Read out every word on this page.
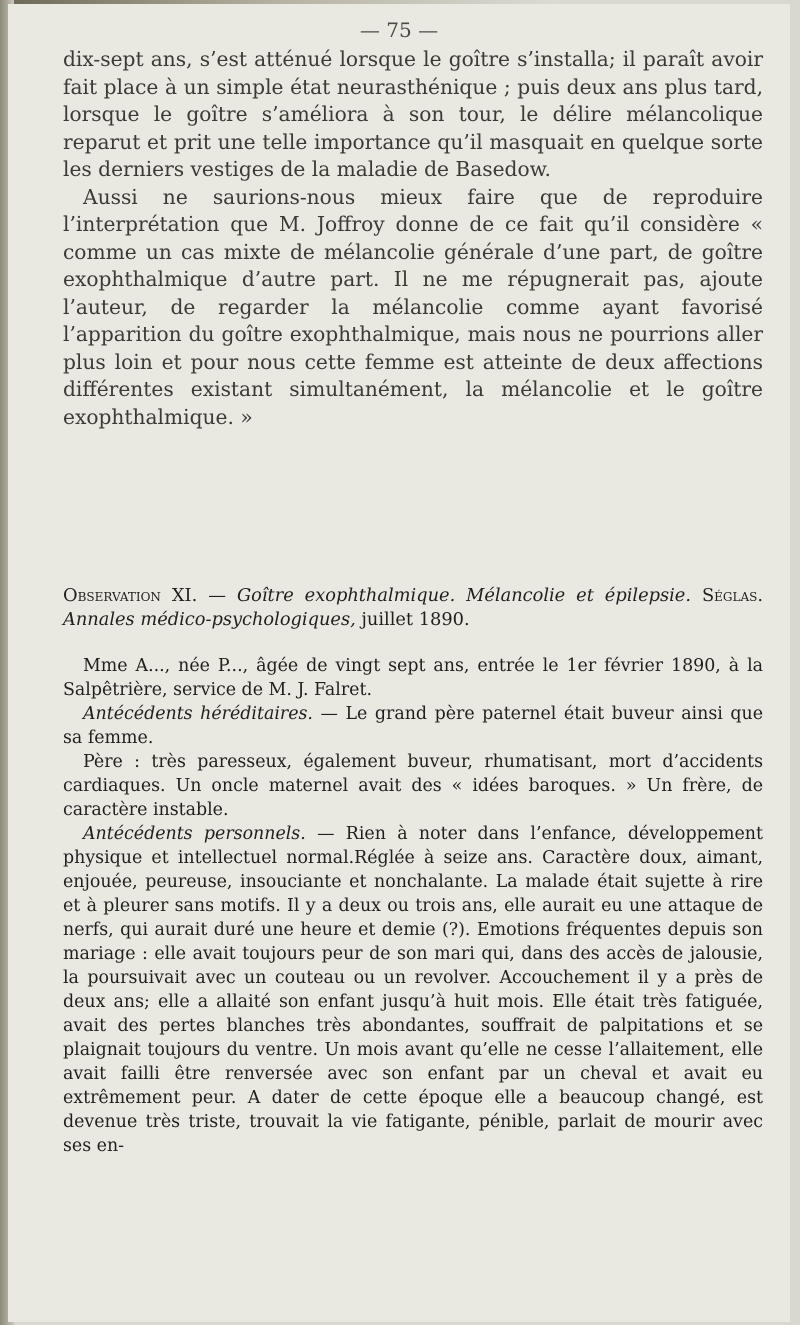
— 75 —

dix-sept ans, s’est atténué lorsque le goître s’installa; il paraît avoir fait place à un simple état neurasthénique ; puis deux ans plus tard, lorsque le goître s’améliora à son tour, le délire mélancolique reparut et prit une telle importance qu’il masquait en quelque sorte les derniers vestiges de la maladie de Basedow.

Aussi ne saurions-nous mieux faire que de reproduire l’interprétation que M. Joffroy donne de ce fait qu’il considère « comme un cas mixte de mélancolie générale d’une part, de goître exophthalmique d’autre part. Il ne me répugnerait pas, ajoute l’auteur, de regarder la mélancolie comme ayant favorisé l’apparition du goître exophthalmique, mais nous ne pourrions aller plus loin et pour nous cette femme est atteinte de deux affections différentes existant simultanément, la mélancolie et le goître exophthalmique. »

Observation XI. — Goître exophthalmique. Mélancolie et épilepsie. Séglas. Annales médico-psychologiques, juillet 1890.

Mme A..., née P..., âgée de vingt sept ans, entrée le 1er février 1890, à la Salpêtrière, service de M. J. Falret.

Antécédents héréditaires. — Le grand père paternel était buveur ainsi que sa femme.

Père : très paresseux, également buveur, rhumatisant, mort d’accidents cardiaques. Un oncle maternel avait des « idées baroques. » Un frère, de caractère instable.

Antécédents personnels. — Rien à noter dans l’enfance, développement physique et intellectuel normal.Réglée à seize ans. Caractère doux, aimant, enjouée, peureuse, insouciante et nonchalante. La malade était sujette à rire et à pleurer sans motifs. Il y a deux ou trois ans, elle aurait eu une attaque de nerfs, qui aurait duré une heure et demie (?). Emotions fréquentes depuis son mariage : elle avait toujours peur de son mari qui, dans des accès de jalousie, la poursuivait avec un couteau ou un revolver. Accouchement il y a près de deux ans; elle a allaité son enfant jusqu’à huit mois. Elle était très fatiguée, avait des pertes blanches très abondantes, souffrait de palpitations et se plaignait toujours du ventre. Un mois avant qu’elle ne cesse l’allaitement, elle avait failli être renversée avec son enfant par un cheval et avait eu extrêmement peur. A dater de cette époque elle a beaucoup changé, est devenue très triste, trouvait la vie fatigante, pénible, parlait de mourir avec ses en-
